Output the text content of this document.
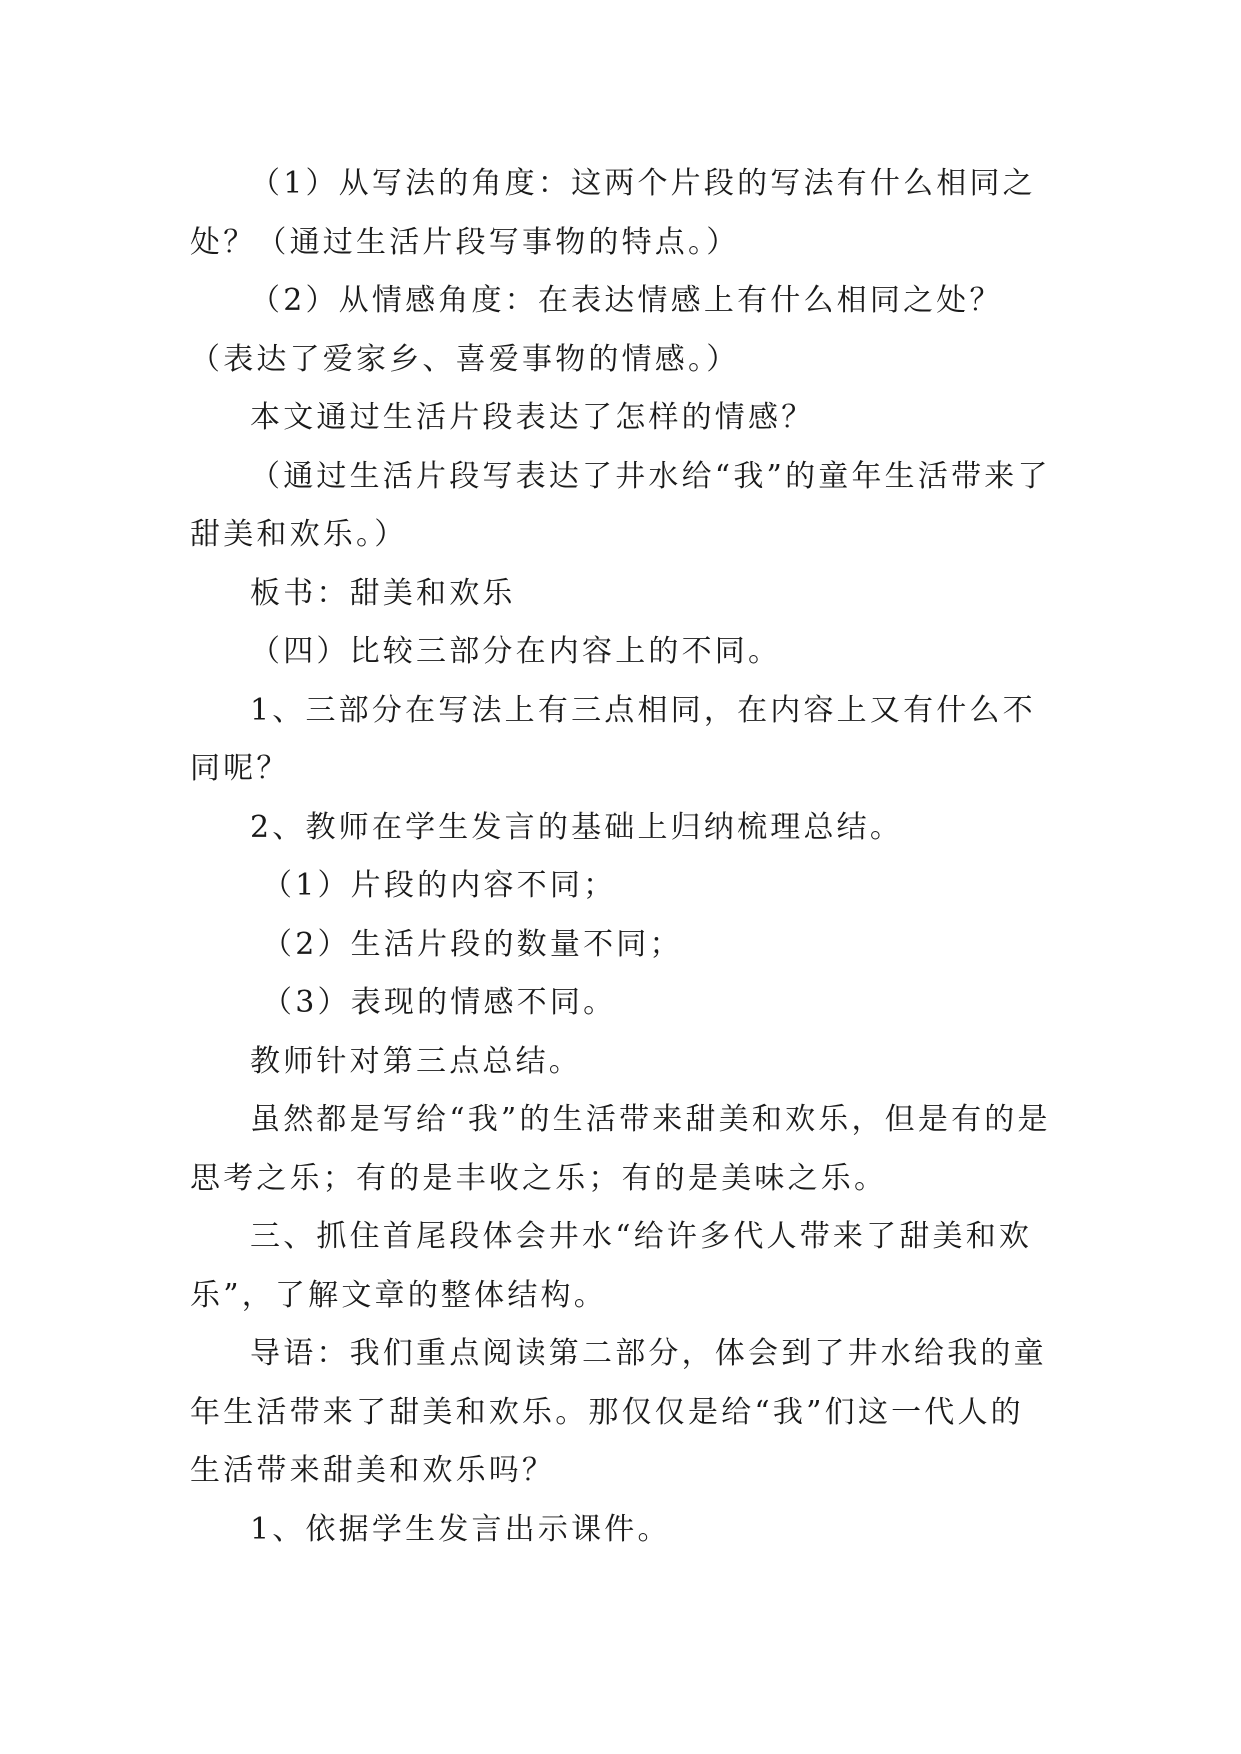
（1）从写法的角度：这两个片段的写法有什么相同之处？（通过生活片段写事物的特点。）

（2）从情感角度：在表达情感上有什么相同之处？（表达了爱家乡、喜爱事物的情感。）

本文通过生活片段表达了怎样的情感？

（通过生活片段写表达了井水给“我”的童年生活带来了甜美和欢乐。）

板书：甜美和欢乐

（四）比较三部分在内容上的不同。

1、三部分在写法上有三点相同，在内容上又有什么不同呢？

2、教师在学生发言的基础上归纳梳理总结。

（1）片段的内容不同；

（2）生活片段的数量不同；

（3）表现的情感不同。

教师针对第三点总结。

虽然都是写给“我”的生活带来甜美和欢乐，但是有的是思考之乐；有的是丰收之乐；有的是美味之乐。

三、抓住首尾段体会井水“给许多代人带来了甜美和欢乐”，了解文章的整体结构。

导语：我们重点阅读第二部分，体会到了井水给我的童年生活带来了甜美和欢乐。那仅仅是给“我”们这一代人的生活带来甜美和欢乐吗？

1、依据学生发言出示课件。
